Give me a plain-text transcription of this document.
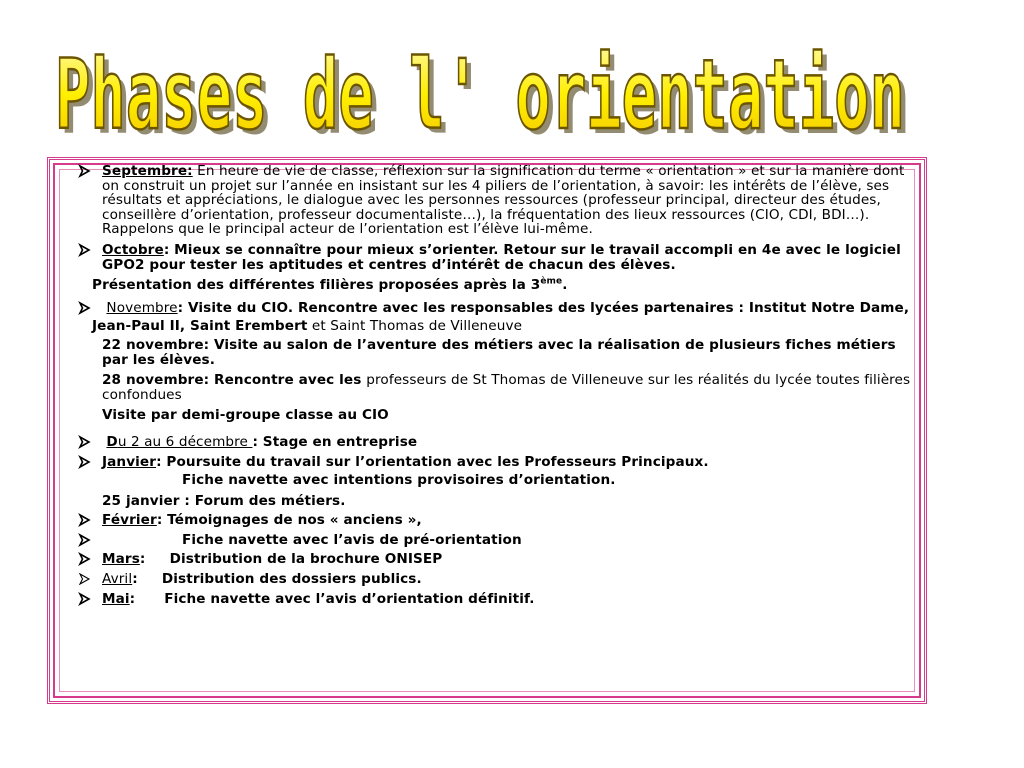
Phases de l' orientation
Phases de l' orientation
Septembre: En heure de vie de classe, réflexion sur la signification du terme « orientation » et sur la manière dont on construit un projet sur l’année en insistant sur les 4 piliers de l’orientation, à savoir: les intérêts de l’élève, ses résultats et appréciations, le dialogue avec les personnes ressources (professeur principal, directeur des études, conseillère d’orientation, professeur documentaliste…), la fréquentation des lieux ressources (CIO, CDI, BDI…). Rappelons que le principal acteur de l’orientation est l’élève lui-même.
Octobre: Mieux se connaître pour mieux s’orienter. Retour sur le travail accompli en 4e avec le logiciel GPO2 pour tester les aptitudes et centres d’intérêt de chacun des élèves.
Présentation des différentes filières proposées après la 3ème.
Novembre: Visite du CIO. Rencontre avec les responsables des lycées partenaires : Institut Notre Dame,
Jean-Paul II, Saint Erembert et Saint Thomas de Villeneuve
22 novembre: Visite au salon de l’aventure des métiers avec la réalisation de plusieurs fiches métiers par les élèves.
28 novembre: Rencontre avec les professeurs de St Thomas de Villeneuve sur les réalités du lycée toutes filières confondues
Visite par demi-groupe classe au CIO
Du 2 au 6 décembre : Stage en entreprise
Janvier: Poursuite du travail sur l’orientation avec les Professeurs Principaux.
Fiche navette avec intentions provisoires d’orientation.
25 janvier : Forum des métiers.
Février: Témoignages de nos « anciens »,
Fiche navette avec l’avis de pré-orientation
Mars:     Distribution de la brochure ONISEP
Avril:     Distribution des dossiers publics.
Mai:      Fiche navette avec l’avis d’orientation définitif.
